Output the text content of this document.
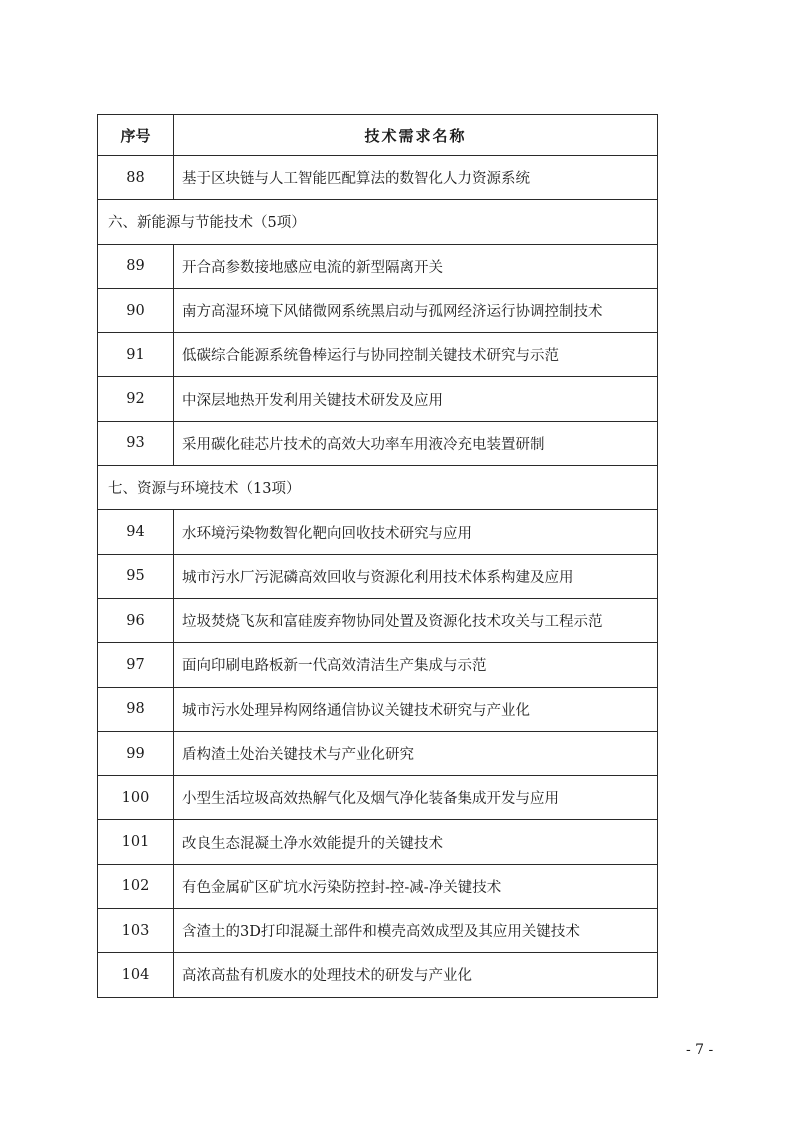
序号	技术需求名称
88	基于区块链与人工智能匹配算法的数智化人力资源系统
六、新能源与节能技术（5项）	
89	开合高参数接地感应电流的新型隔离开关
90	南方高湿环境下风储微网系统黑启动与孤网经济运行协调控制技术
91	低碳综合能源系统鲁棒运行与协同控制关键技术研究与示范
92	中深层地热开发利用关键技术研发及应用
93	采用碳化硅芯片技术的高效大功率车用液冷充电装置研制
七、资源与环境技术（13项）	
94	水环境污染物数智化靶向回收技术研究与应用
95	城市污水厂污泥磷高效回收与资源化利用技术体系构建及应用
96	垃圾焚烧飞灰和富硅废弃物协同处置及资源化技术攻关与工程示范
97	面向印刷电路板新一代高效清洁生产集成与示范
98	城市污水处理异构网络通信协议关键技术研究与产业化
99	盾构渣土处治关键技术与产业化研究
100	小型生活垃圾高效热解气化及烟气净化装备集成开发与应用
101	改良生态混凝土净水效能提升的关键技术
102	有色金属矿区矿坑水污染防控封-控-减-净关键技术
103	含渣土的3D打印混凝土部件和模壳高效成型及其应用关键技术
104	高浓高盐有机废水的处理技术的研发与产业化
- 7 -
